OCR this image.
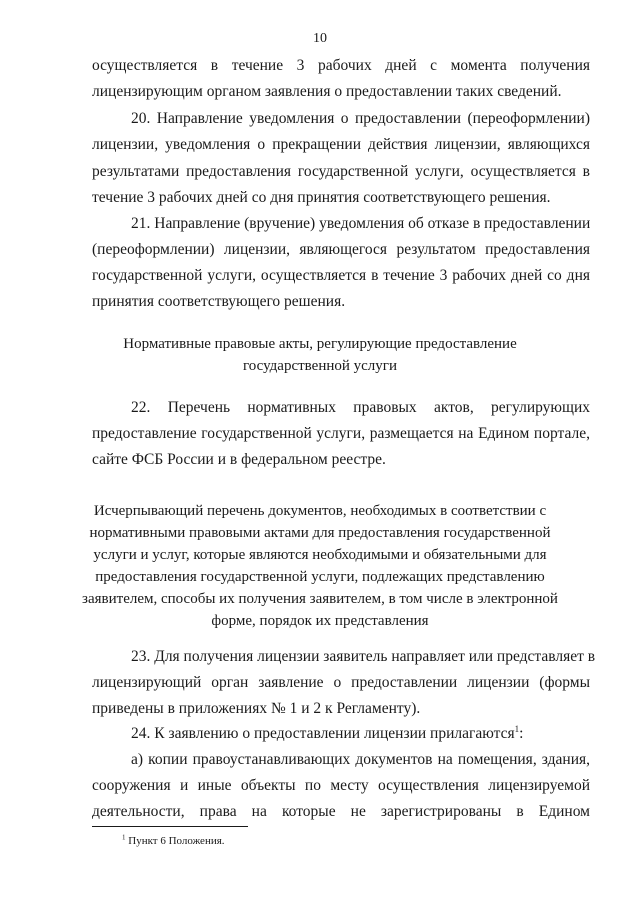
10
осуществляется в течение 3 рабочих дней с момента получения
лицензирующим органом заявления о предоставлении таких сведений.
20. Направление уведомления о предоставлении (переоформлении)
лицензии, уведомления о прекращении действия лицензии, являющихся
результатами предоставления государственной услуги, осуществляется в
течение 3 рабочих дней со дня принятия соответствующего решения.
21. Направление (вручение) уведомления об отказе в предоставлении
(переоформлении) лицензии, являющегося результатом предоставления
государственной услуги, осуществляется в течение 3 рабочих дней со дня
принятия соответствующего решения.
Нормативные правовые акты, регулирующие предоставление
государственной услуги
22. Перечень нормативных правовых актов, регулирующих
предоставление государственной услуги, размещается на Едином портале,
сайте ФСБ России и в федеральном реестре.
Исчерпывающий перечень документов, необходимых в соответствии с
нормативными правовыми актами для предоставления государственной
услуги и услуг, которые являются необходимыми и обязательными для
предоставления государственной услуги, подлежащих представлению
заявителем, способы их получения заявителем, в том числе в электронной
форме, порядок их представления
23. Для получения лицензии заявитель направляет или представляет в
лицензирующий орган заявление о предоставлении лицензии (формы
приведены в приложениях № 1 и 2 к Регламенту).
24. К заявлению о предоставлении лицензии прилагаются$^1$:
а) копии правоустанавливающих документов на помещения, здания,
сооружения и иные объекты по месту осуществления лицензируемой
деятельности, права на которые не зарегистрированы в Едином
$^1$ Пункт 6 Положения.
